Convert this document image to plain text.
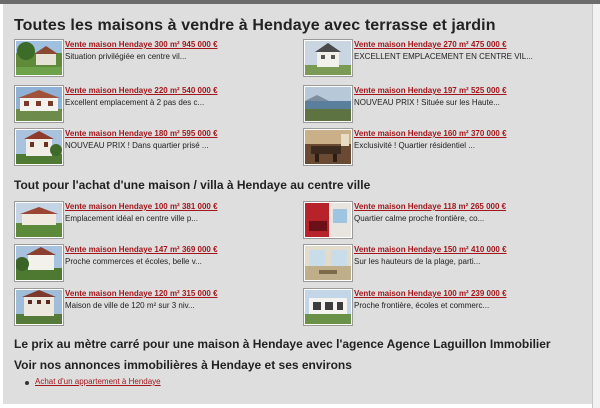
Toutes les maisons à vendre à Hendaye avec terrasse et jardin
Vente maison Hendaye 300 m² 945 000 €
Situation privilégiée en centre vil...
Vente maison Hendaye 270 m² 475 000 €
EXCELLENT EMPLACEMENT EN CENTRE VIL...
Vente maison Hendaye 220 m² 540 000 €
Excellent emplacement à 2 pas des c...
Vente maison Hendaye 197 m² 525 000 €
NOUVEAU PRIX ! Située sur les Haute...
Vente maison Hendaye 180 m² 595 000 €
NOUVEAU PRIX ! Dans quartier prisé ...
Vente maison Hendaye 160 m² 370 000 €
Exclusivité ! Quartier résidentiel ...
Tout pour l'achat d'une maison / villa à Hendaye au centre ville
Vente maison Hendaye 100 m² 381 000 €
Emplacement idéal en centre ville p...
Vente maison Hendaye 118 m² 265 000 €
Quartier calme proche frontière, co...
Vente maison Hendaye 147 m² 369 000 €
Proche commerces et écoles, belle v...
Vente maison Hendaye 150 m² 410 000 €
Sur les hauteurs de la plage, parti...
Vente maison Hendaye 120 m² 315 000 €
Maison de ville de 120 m² sur 3 niv...
Vente maison Hendaye 100 m² 239 000 €
Proche frontière, écoles et commerc...
Le prix au mètre carré pour une maison à Hendaye avec l'agence Agence Laguillon Immobilier
Voir nos annonces immobilières à Hendaye et ses environs
Achat d'un appartement à Hendaye
